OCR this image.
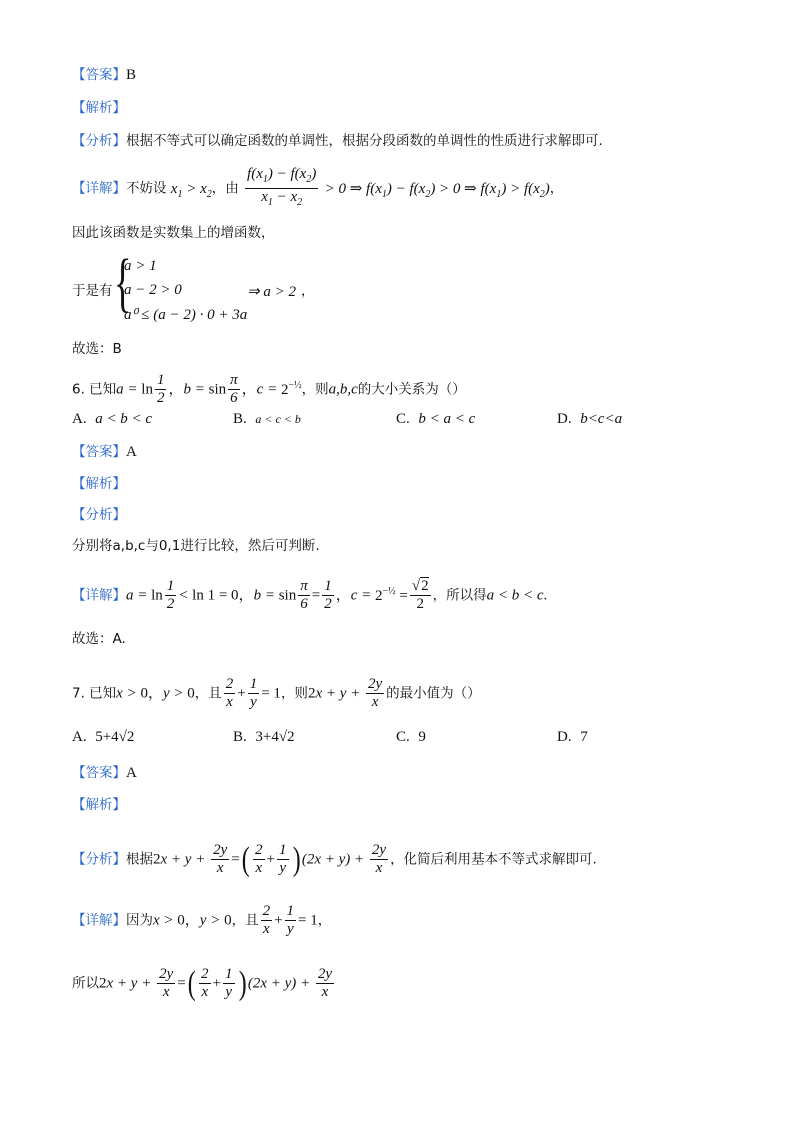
【答案】B
【解析】
【分析】根据不等式可以确定函数的单调性，根据分段函数的单调性的性质进行求解即可.
【详解】不妨设 $x_1 > x_2$，由 $\frac{f(x_1) - f(x_2)}{x_1 - x_2} > 0$ ⇒ $f(x_1) - f(x_2) > 0$ ⇒ $f(x_1) > f(x_2)$，
因此该函数是实数集上的增函数，
于是有 {
a > 1
a − 2 > 0
a⁰ ≤ (a − 2) · 0 + 3a
⇒ a > 2 ，
故选：B
6. 已知$a = \ln \frac{1}{2}$ ，$b = \sin \frac{\pi}{6}$ ，$c = 2^{-\frac{1}{2}}$，则a,b,c的大小关系为（）
A. a < b < c	B. a < c < b	C. b < a < c	D. b<c<a
【答案】A
【解析】
【分析】
分别将a,b,c与0,1进行比较，然后可判断.
【详解】$a = \ln \frac{1}{2} < \ln 1 = 0$，$b = \sin \frac{\pi}{6} = \frac{1}{2}$ ，$c = 2^{-\frac{1}{2}} = \frac{√2}{2}$ ，所以得a < b < c.
故选：A.
7. 已知x > 0，y > 0，且 $\frac{2}{x} + \frac{1}{y} = 1$，则$2x + y + \frac{2y}{x}$ 的最小值为（）
A. 5+4√2	B. 3+4√2	C. 9	D. 7
【答案】A
【解析】
【分析】根据$2x + y + \frac{2y}{x}$ =( $\frac{2}{x} + \frac{1}{y}$ ) $(2x + y) + \frac{2y}{x}$ ，化简后利用基本不等式求解即可.
【详解】因为x > 0，y > 0，且 $\frac{2}{x} + \frac{1}{y} = 1$，
所以$2x + y + \frac{2y}{x}$ =( $\frac{2}{x} + \frac{1}{y}$ ) $(2x + y) + \frac{2y}{x}$
